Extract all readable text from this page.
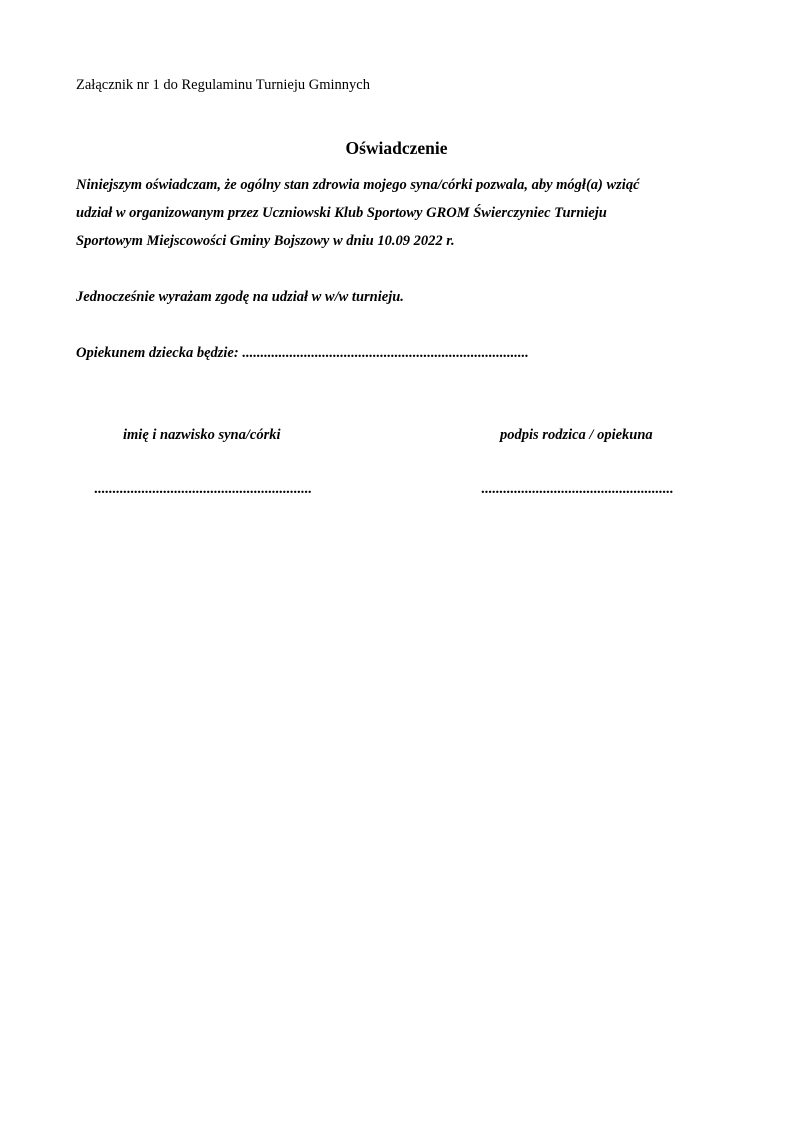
Załącznik nr 1 do Regulaminu Turnieju Gminnych
Oświadczenie
Niniejszym oświadczam, że ogólny stan zdrowia mojego syna/córki pozwala, aby mógł(a) wziąć
udział w organizowanym przez Uczniowski Klub Sportowy GROM Świerczyniec Turnieju
Sportowym Miejscowości Gminy Bojszowy w dniu 10.09 2022 r.
Jednocześnie wyrażam zgodę na udział w w/w turnieju.
Opiekunem dziecka będzie: ...............................................................................
imię i nazwisko syna/córki	podpis rodzica / opiekuna
............................................................	.....................................................
